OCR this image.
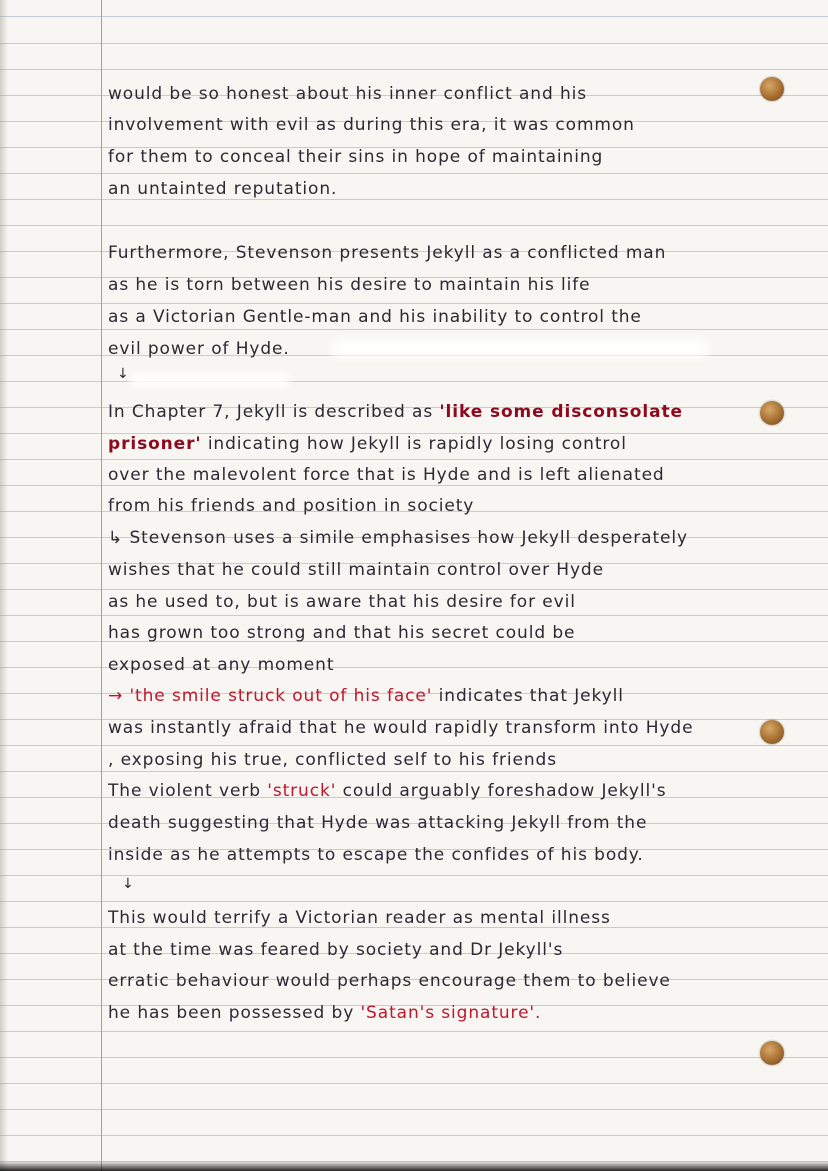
would be so honest about his inner conflict and his
involvement with evil as during this era, it was common
for them to conceal their sins in hope of maintaining
an untainted reputation.
Furthermore, Stevenson presents Jekyll as a conflicted man
as he is torn between his desire to maintain his life
as a Victorian Gentle-man and his inability to control the
evil power of Hyde.
↓
In Chapter 7, Jekyll is described as 'like some disconsolate
prisoner' indicating how Jekyll is rapidly losing control
over the malevolent force that is Hyde and is left alienated
from his friends and position in society
↳ Stevenson uses a simile emphasises how Jekyll desperately
wishes that he could still maintain control over Hyde
as he used to, but is aware that his desire for evil
has grown too strong and that his secret could be
exposed at any moment
→ 'the smile struck out of his face' indicates that Jekyll
was instantly afraid that he would rapidly transform into Hyde
, exposing his true, conflicted self to his friends
The violent verb 'struck' could arguably foreshadow Jekyll's
death suggesting that Hyde was attacking Jekyll from the
inside as he attempts to escape the confides of his body.
↓
This would terrify a Victorian reader as mental illness
at the time was feared by society and Dr Jekyll's
erratic behaviour would perhaps encourage them to believe
he has been possessed by 'Satan's signature'.
